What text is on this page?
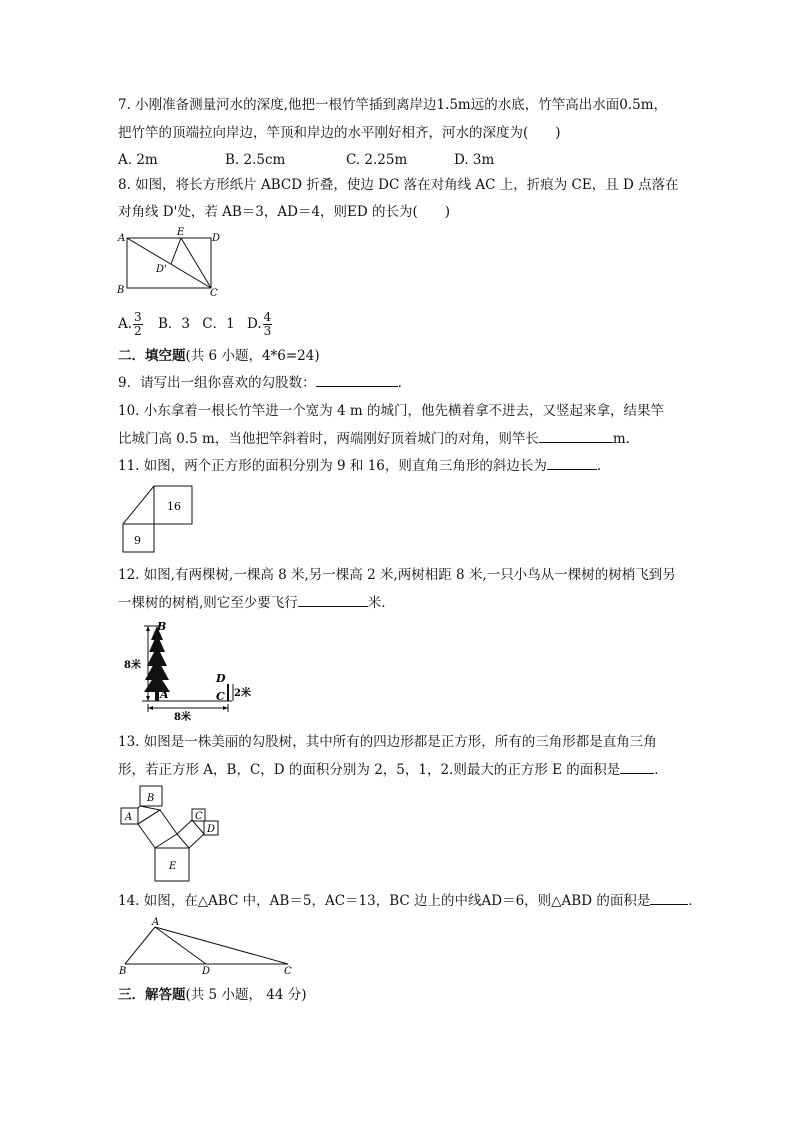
7. 小刚准备测量河水的深度,他把一根竹竿插到离岸边1.5m远的水底，竹竿高出水面0.5m，
把竹竿的顶端拉向岸边，竿顶和岸边的水平刚好相齐，河水的深度为(　　)
A. 2m	B. 2.5cm	C. 2.25m	D. 3m
8. 如图，将长方形纸片 ABCD 折叠，使边 DC 落在对角线 AC 上，折痕为 CE，且 D 点落在
对角线 D'处，若 AB＝3，AD＝4，则ED 的长为(　　)
A
E
D
D'
B	C
A. $\frac{3}{2}$ B．3 C．1 D. $\frac{4}{3}$
二．填空题(共 6 小题，4*6=24)
9．请写出一组你喜欢的勾股数：	.
10. 小东拿着一根长竹竿进一个宽为 4 m 的城门，他先横着拿不进去，又竖起来拿，结果竿
比城门高 0.5 m，当他把竿斜着时，两端刚好顶着城门的对角，则竿长	m.
11. 如图，两个正方形的面积分别为 9 和 16，则直角三角形的斜边长为	.
16
9
12. 如图,有两棵树,一棵高 8 米,另一棵高 2 米,两树相距 8 米,一只小鸟从一棵树的树梢飞到另
一棵树的树梢,则它至少要飞行	米.
B
A
8米
D
C 2米
8米
13. 如图是一株美丽的勾股树，其中所有的四边形都是正方形，所有的三角形都是直角三角
形，若正方形 A，B，C，D 的面积分别为 2，5，1，2.则最大的正方形 E 的面积是	．
B
A	C
D
E
14. 如图，在△ABC 中，AB＝5，AC＝13，BC 边上的中线AD＝6，则△ABD 的面积是	．
A
B	D	C
三．解答题(共 5 小题， 44 分)
